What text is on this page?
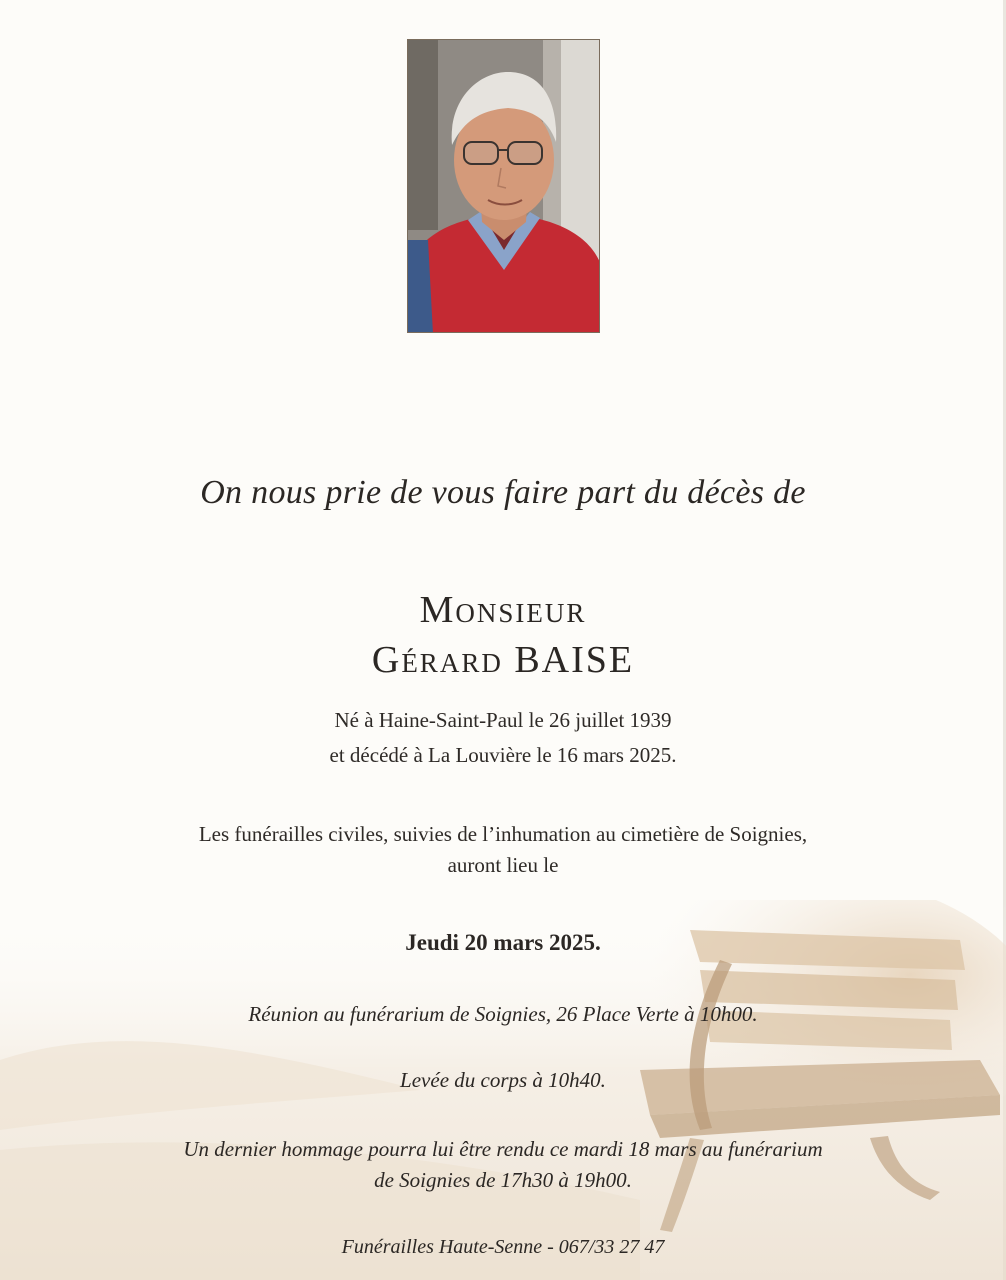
On nous prie de vous faire part du décès de
Monsieur
Gérard BAISE
Né à Haine-Saint-Paul le 26 juillet 1939
et décédé à La Louvière le 16 mars 2025.
Les funérailles civiles, suivies de l’inhumation au cimetière de Soignies,
auront lieu le
Jeudi 20 mars 2025.
Réunion au funérarium de Soignies, 26 Place Verte à 10h00.
Levée du corps à 10h40.
Un dernier hommage pourra lui être rendu ce mardi 18 mars au funérarium
de Soignies de 17h30 à 19h00.
Funérailles Haute-Senne - 067/33 27 47
